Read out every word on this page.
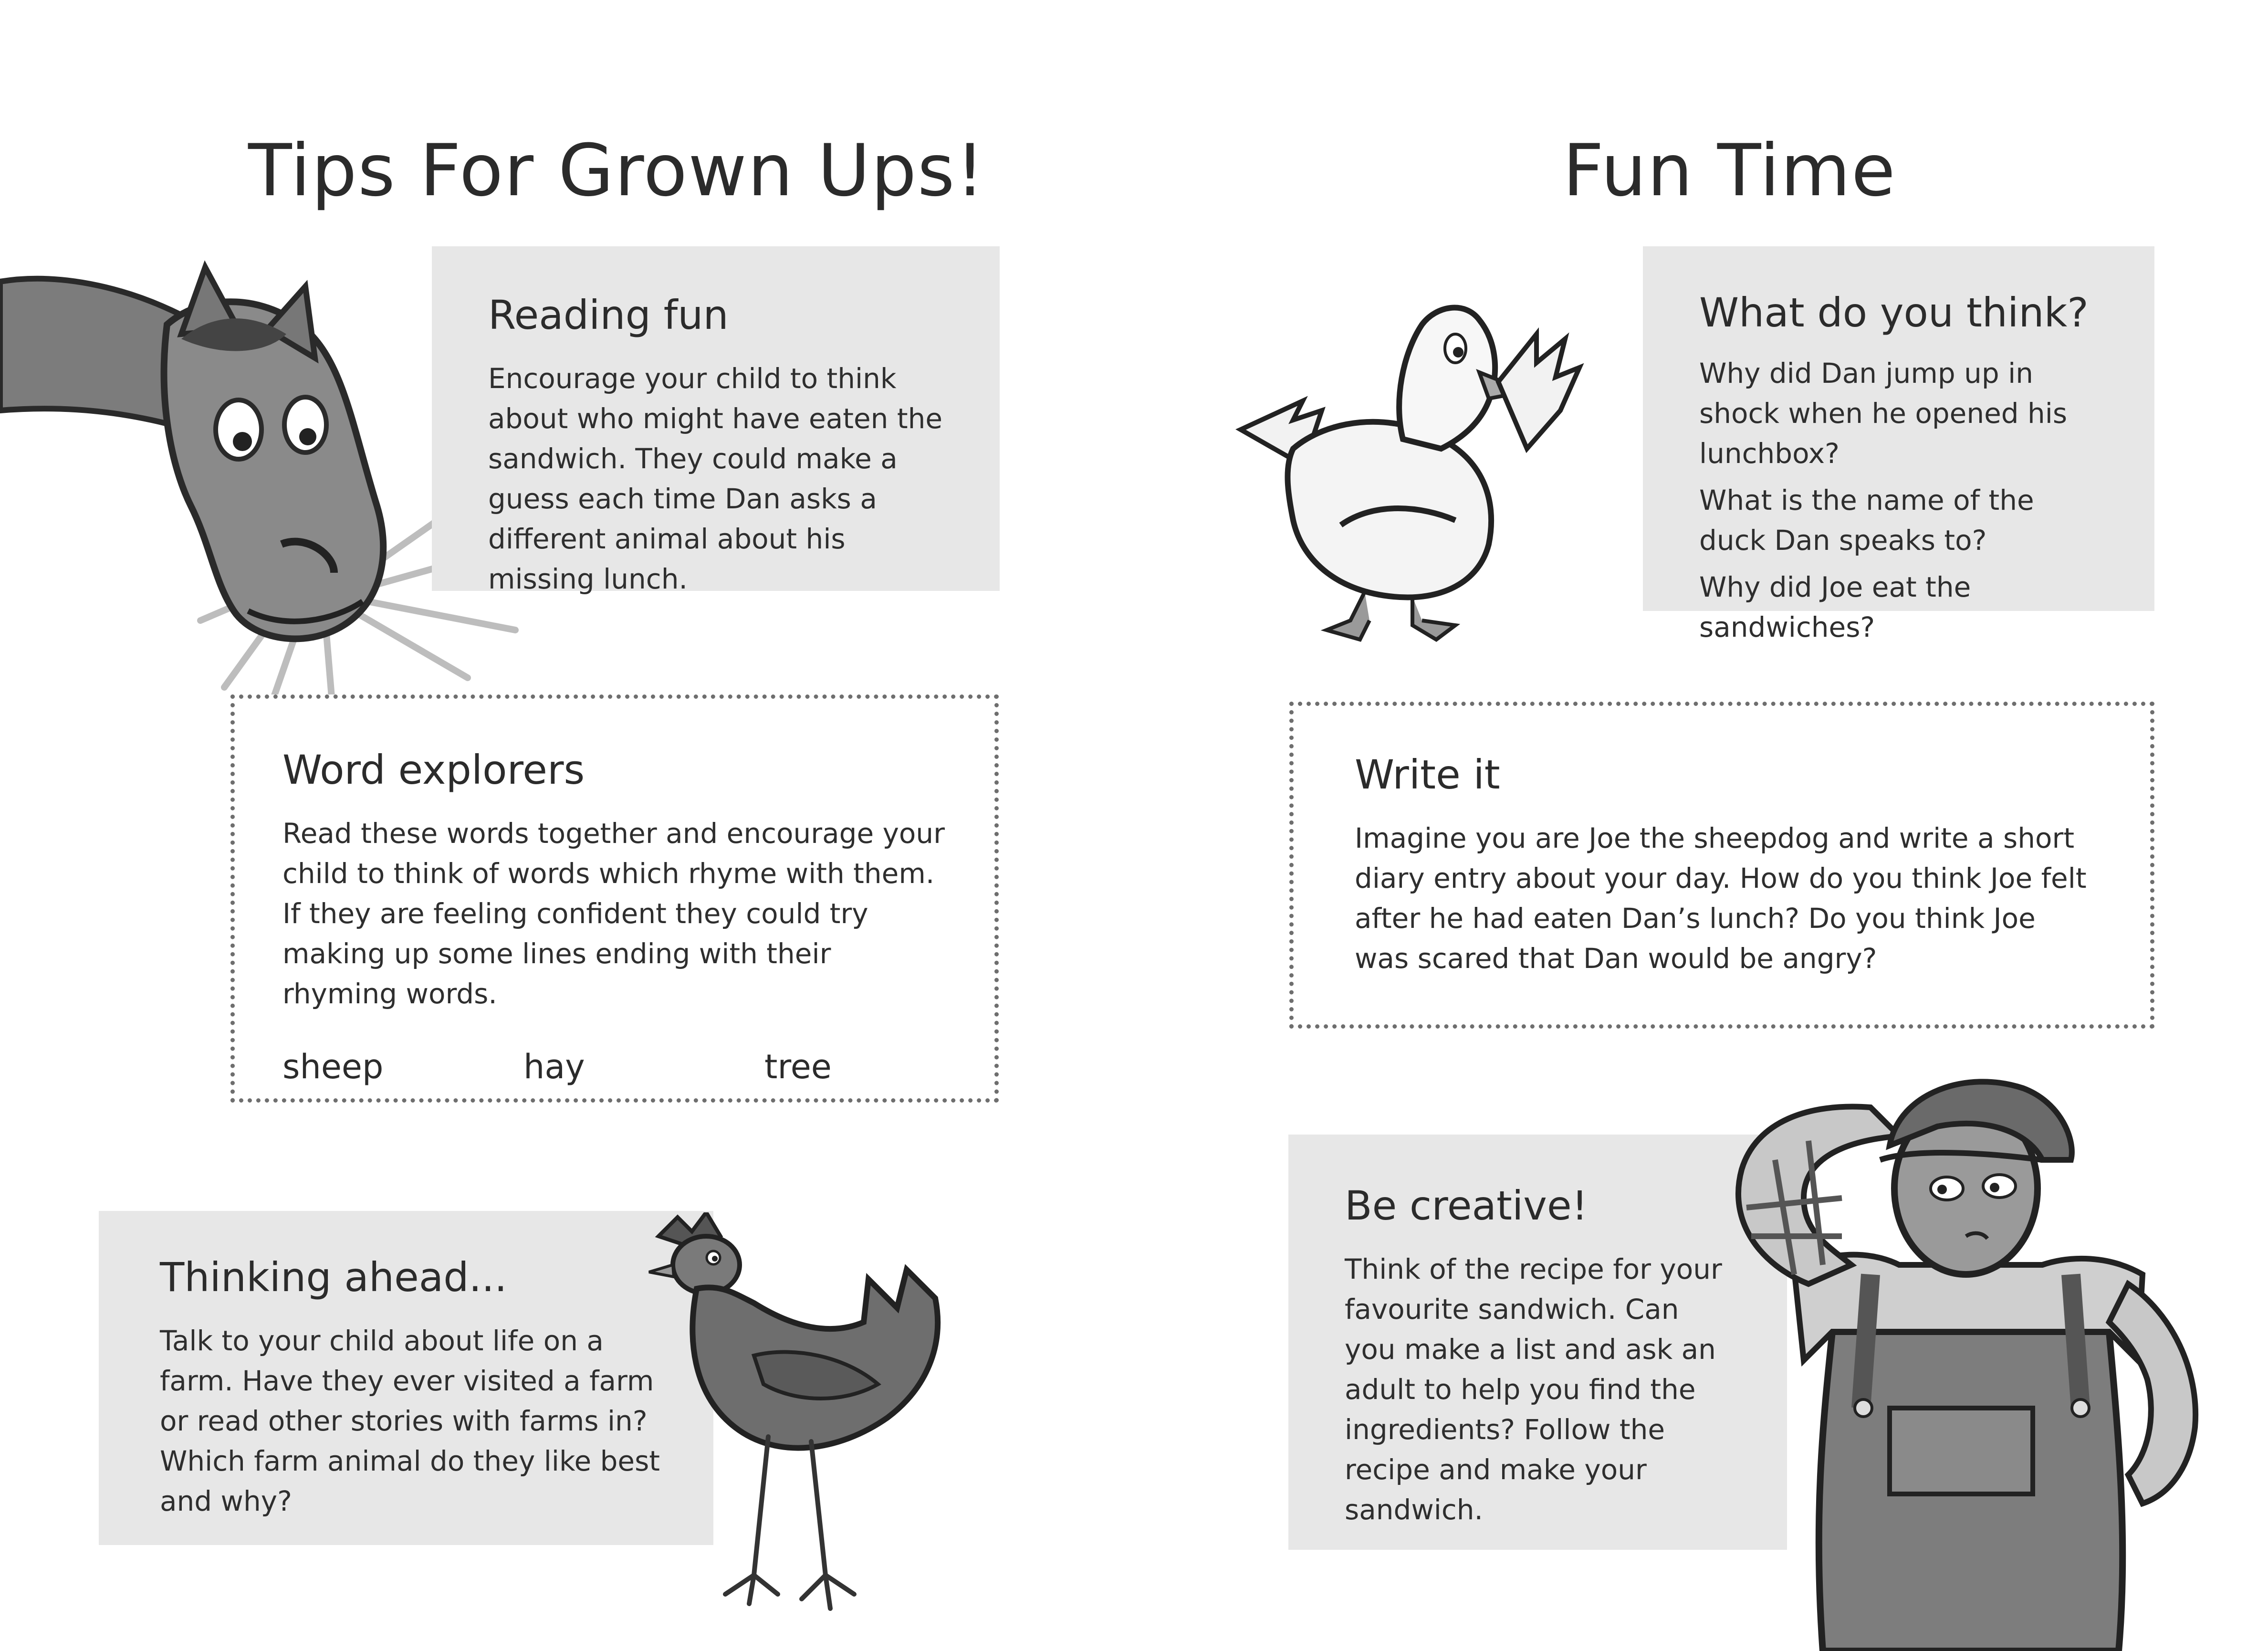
Tips For Grown Ups!
Reading fun

Encourage your child to think about who might have eaten the sandwich. They could make a guess each time Dan asks a different animal about his missing lunch.

Word explorers

Read these words together and encourage your child to think of words which rhyme with them. If they are feeling confident they could try making up some lines ending with their rhyming words.

sheep	hay	tree
Thinking ahead...

Talk to your child about life on a farm. Have they ever visited a farm or read other stories with farms in? Which farm animal do they like best and why?

Fun Time
What do you think?

Why did Dan jump up in shock when he opened his lunchbox?

What is the name of the duck Dan speaks to?

Why did Joe eat the sandwiches?

Write it

Imagine you are Joe the sheepdog and write a short diary entry about your day. How do you think Joe felt after he had eaten Dan’s lunch? Do you think Joe was scared that Dan would be angry?

Be creative!

Think of the recipe for your favourite sandwich. Can you make a list and ask an adult to help you find the ingredients? Follow the recipe and make your sandwich.
